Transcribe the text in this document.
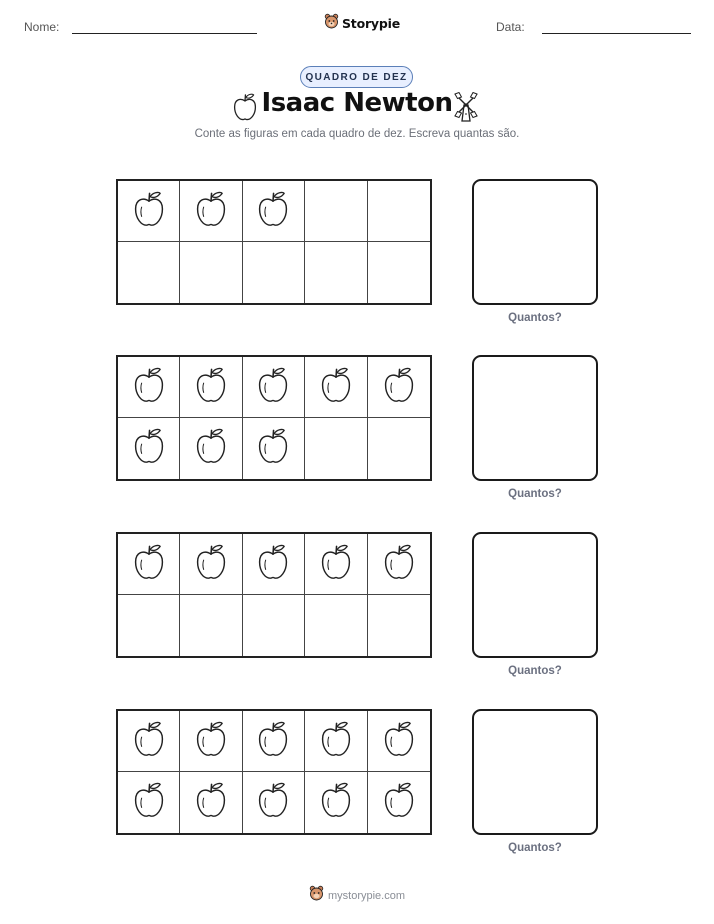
Nome:	Storypie	Data:
QUADRO DE DEZ
Isaac Newton
Conte as figuras em cada quadro de dez. Escreva quantas são.
Quantos?
Quantos?
Quantos?
Quantos?
mystorypie.com
